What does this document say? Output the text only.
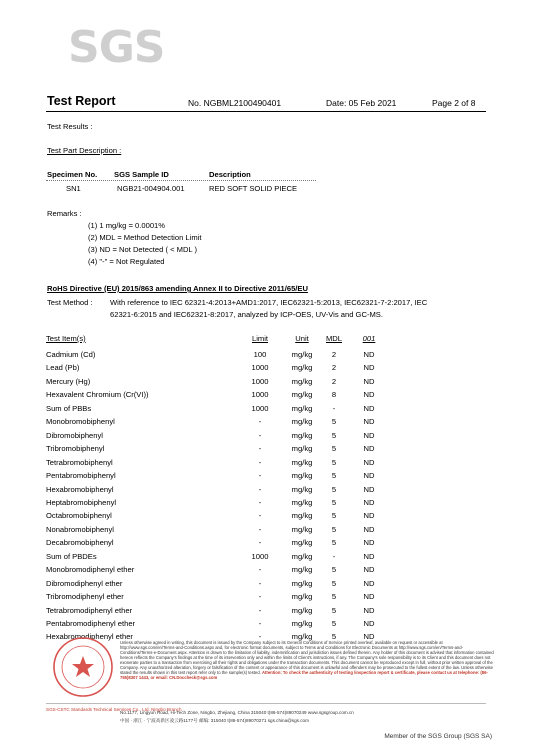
SGS
Test Report	No. NGBML2100490401	Date: 05 Feb 2021	Page 2 of 8
Test Results :
Test Part Description :
Specimen No. SGS Sample ID	Description
SN1	NGB21-004904.001	RED SOFT SOLID PIECE
Remarks :
(1) 1 mg/kg = 0.0001%
(2) MDL = Method Detection Limit
(3) ND = Not Detected ( < MDL )
(4) "-" = Not Regulated
RoHS Directive (EU) 2015/863 amending Annex II to Directive 2011/65/EU
Test Method : With reference to IEC 62321-4:2013+AMD1:2017, IEC62321-5:2013, IEC62321-7-2:2017, IEC
62321-6:2015 and IEC62321-8:2017, analyzed by ICP-OES, UV-Vis and GC-MS.
Test Item(s)	Limit	Unit	MDL	001
Cadmium (Cd)	100	mg/kg	2	ND
Lead (Pb)	1000	mg/kg	2	ND
Mercury (Hg)	1000	mg/kg	2	ND
Hexavalent Chromium (Cr(VI))	1000	mg/kg	8	ND
Sum of PBBs	1000	mg/kg	-	ND
Monobromobiphenyl	-	mg/kg	5	ND
Dibromobiphenyl	-	mg/kg	5	ND
Tribromobiphenyl	-	mg/kg	5	ND
Tetrabromobiphenyl	-	mg/kg	5	ND
Pentabromobiphenyl	-	mg/kg	5	ND
Hexabromobiphenyl	-	mg/kg	5	ND
Heptabromobiphenyl	-	mg/kg	5	ND
Octabromobiphenyl	-	mg/kg	5	ND
Nonabromobiphenyl	-	mg/kg	5	ND
Decabromobiphenyl	-	mg/kg	5	ND
Sum of PBDEs	1000	mg/kg	-	ND
Monobromodiphenyl ether	-	mg/kg	5	ND
Dibromodiphenyl ether	-	mg/kg	5	ND
Tribromodiphenyl ether	-	mg/kg	5	ND
Tetrabromodiphenyl ether	-	mg/kg	5	ND
Pentabromodiphenyl ether	-	mg/kg	5	ND
Hexabromodiphenyl ether	-	mg/kg	5	ND
Unless otherwise agreed in writing, this document is issued by the Company subject to its General Conditions of Service printed overleaf, available on request or accessible at http://www.sgs.com/en/Terms-and-Conditions.aspx and, for electronic format documents, subject to Terms and Conditions for Electronic Documents at http://www.sgs.com/en/Terms-and-Conditions/Terms-e-Document.aspx. Attention is drawn to the limitation of liability, indemnification and jurisdiction issues defined therein. Any holder of this document is advised that information contained hereon reflects the Company's findings at the time of its intervention only and within the limits of Client's instructions, if any. The Company's sole responsibility is to its Client and this document does not exonerate parties to a transaction from exercising all their rights and obligations under the transaction documents. This document cannot be reproduced except in full, without prior written approval of the Company. Any unauthorized alteration, forgery or falsification of the content or appearance of this document is unlawful and offenders may be prosecuted to the fullest extent of the law. Unless otherwise stated the results shown in this test report refer only to the sample(s) tested. Attention: To check the authenticity of testing /inspection report & certificate, please contact us at telephone: (86-755)8307 1443, or email: CN.Doccheck@sgs.com
SGS-CSTC Standards Technical Services Co., Ltd. Ningbo Branch
No.1177, Lingyun Road, Hi-Tech Zone, Ningbo, Zhejiang, China 315040 t(86-574)89070249 www.sgsgroup.com.cn
中国 · 浙江 · 宁波高新区凌云路1177号 邮编: 315040 t(86-574)89070271 sgs.china@sgs.com
Member of the SGS Group (SGS SA)
